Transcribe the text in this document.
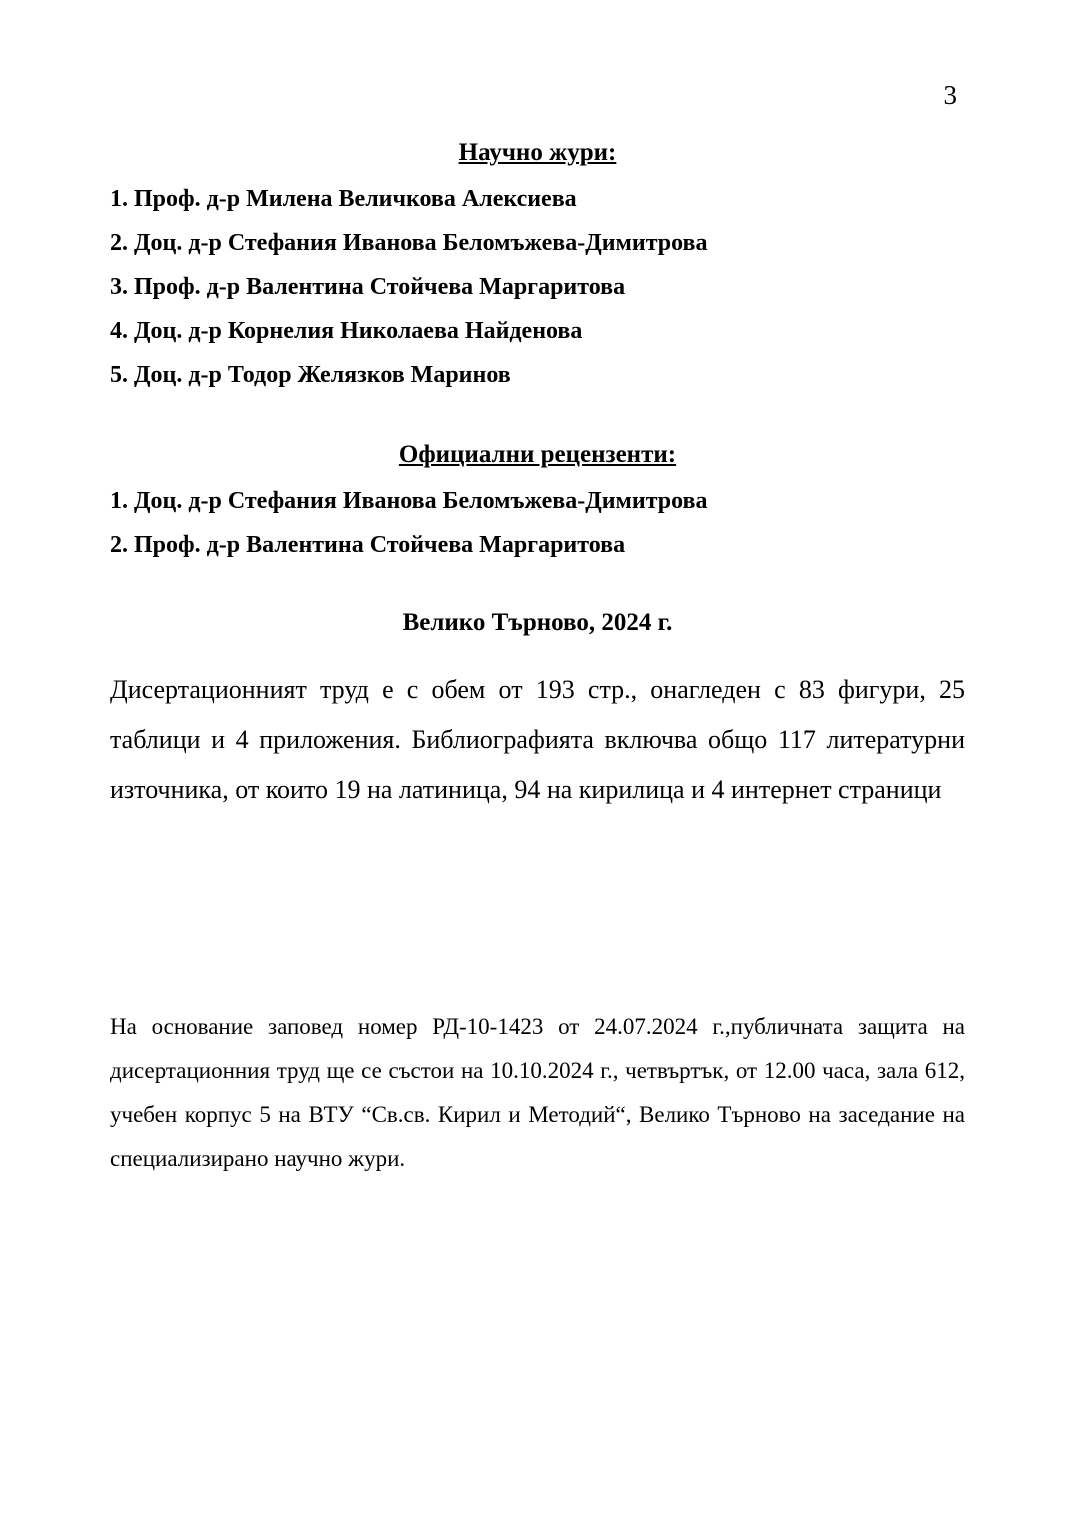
3
Научно жури:
1. Проф. д-р Милена Величкова Алексиева
2. Доц. д-р Стефания Иванова Беломъжева-Димитрова
3. Проф. д-р Валентина Стойчева Маргаритова
4. Доц. д-р Корнелия Николаева Найденова
5. Доц. д-р Тодор Желязков Маринов
Официални рецензенти:
1. Доц. д-р Стефания Иванова Беломъжева-Димитрова
2. Проф. д-р Валентина Стойчева Маргаритова
Велико Търново, 2024 г.

Дисертационният труд е с обем от 193 стр., онагледен с 83 фигури, 25 таблици и 4 приложения. Библиографията включва общо 117 литературни източника, от които 19 на латиница, 94 на кирилица и 4 интернет страници

На основание заповед номер РД-10-1423 от 24.07.2024 г.,публичната защита на дисертационния труд ще се състои на 10.10.2024 г., четвъртък, от 12.00 часа, зала 612, учебен корпус 5 на ВТУ “Св.св. Кирил и Методий“, Велико Търново на заседание на специализирано научно жури.
